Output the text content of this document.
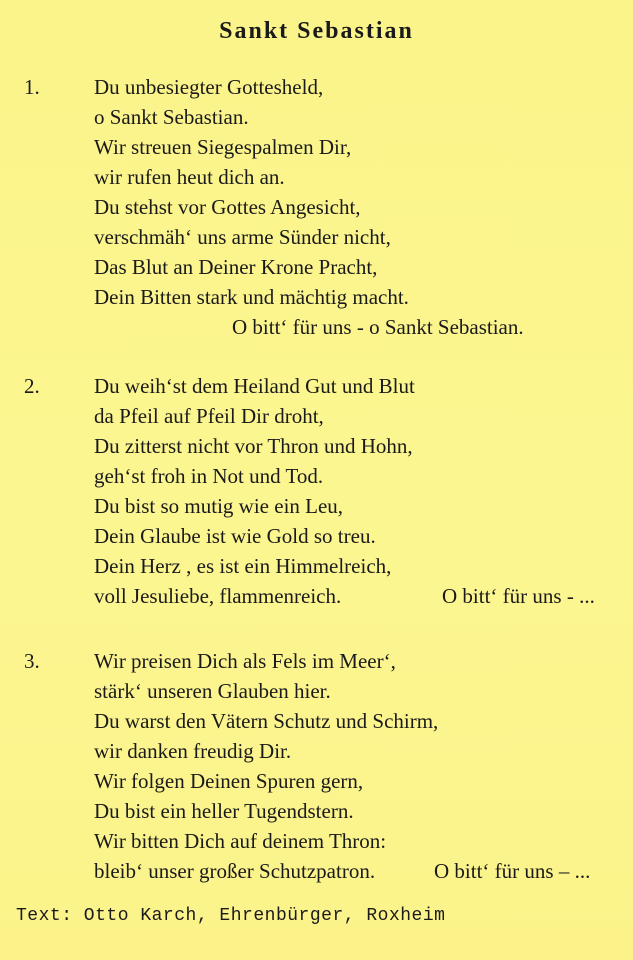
Sankt Sebastian
1.	Du unbesiegter Gottesheld,
o Sankt Sebastian.
Wir streuen Siegespalmen Dir,
wir rufen heut dich an.
Du stehst vor Gottes Angesicht,
verschmäh‘ uns arme Sünder nicht,
Das Blut an Deiner Krone Pracht,
Dein Bitten stark und mächtig macht.
O bitt‘ für uns - o Sankt Sebastian.
2.	Du weih‘st dem Heiland Gut und Blut
da Pfeil auf Pfeil Dir droht,
Du zitterst nicht vor Thron und Hohn,
geh‘st froh in Not und Tod.
Du bist so mutig wie ein Leu,
Dein Glaube ist wie Gold so treu.
Dein Herz , es ist ein Himmelreich,
voll Jesuliebe, flammenreich.	O bitt‘ für uns - ...
3.	Wir preisen Dich als Fels im Meer‘,
stärk‘ unseren Glauben hier.
Du warst den Vätern Schutz und Schirm,
wir danken freudig Dir.
Wir folgen Deinen Spuren gern,
Du bist ein heller Tugendstern.
Wir bitten Dich auf deinem Thron:
bleib‘ unser großer Schutzpatron.	O bitt‘ für uns – ...

Text: Otto Karch, Ehrenbürger, Roxheim
